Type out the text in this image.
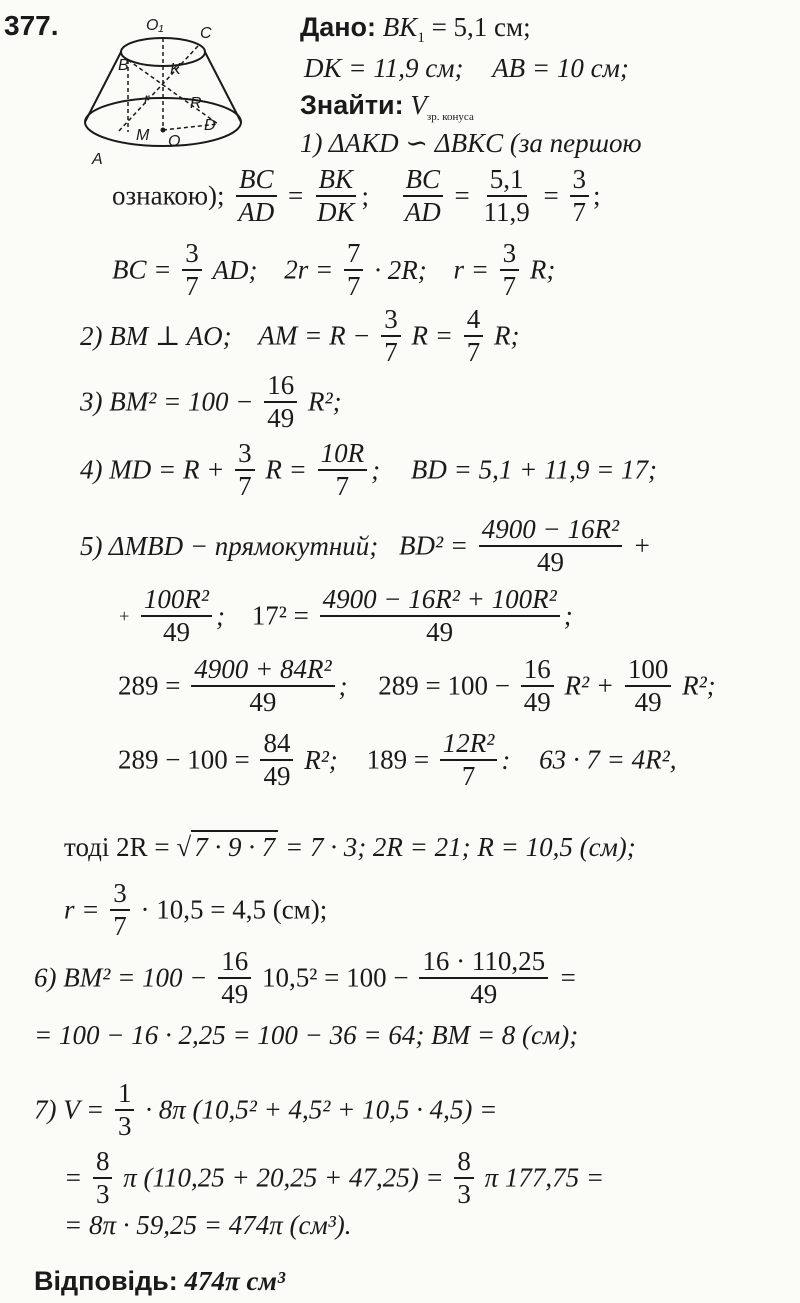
377.	O₁ C
B	K
r	R
M O
D
A
Дано: $BK_1 = 5,1$ см;
DK = 11,9 см; AB = 10 см;
Знайти: $V_{зр. конуса}$
1) ΔAKD ∽ ΔBKC (за першою
ознакою); $\frac{BC}{AD} = \frac{BK}{DK}$ ; $\frac{BC}{AD} = \frac{5,1}{11,9} = \frac{3}{7}$ ;
BC = $\frac{3}{7}$ AD; $2r = \frac{7}{7} \cdot 2R$; $r = \frac{3}{7} R$;
2) BM ⊥ AO; AM = $R - \frac{3}{7}$ $R = \frac{4}{7} R$;
3) $BM^2 = 100 - \frac{16}{49} R^2$;
4) MD = $R + \frac{3}{7}$ $R = \frac{10R}{7}$ ; BD = 5,1 + 11,9 = 17;
5) ΔMBD − прямокутний; $BD^2 = \frac{\text{4900 − 16R²}}{49}$ +
+ $\frac{\text{100R²}}{49}$ ; $17^2 = \frac{\text{4900 − 16R² + 100R²}}{49}$ ;
$289 = \frac{\text{4900 + 84R²}}{49}$ ; $289 = 100 - \frac{16}{49} R^2 + \frac{100}{49} R^2$;
$289 - 100 = \frac{84}{49} R^2$; $189 = \frac{\text{12R²}}{7}$ : 63 · 7 = 4R²,
тоді 2R = √ 7 · 9 · 7 = 7 · 3; 2R = 21; R = 10,5 (см);
$r = \frac{3}{7} \cdot 10,5 = 4,5$ (см);
6) $BM^2 = 100 - \frac{16}{49} 10,5^2 = 100 - \frac{16 \cdot 110,25}{49}$ =
= 100 − 16 · 2,25 = 100 − 36 = 64; BM = 8 (см);
7) $V = \frac{1}{3} \cdot 8\pi$ (10,5² + 4,5² + 10,5 · 4,5) =
= $\frac{8}{3}$ π $(110,25 + 20,25 + 47,25) = \frac{8}{3}$ π 177,75 =
= 8π · 59,25 = 474π (см³).
Відповідь: 474π см³
